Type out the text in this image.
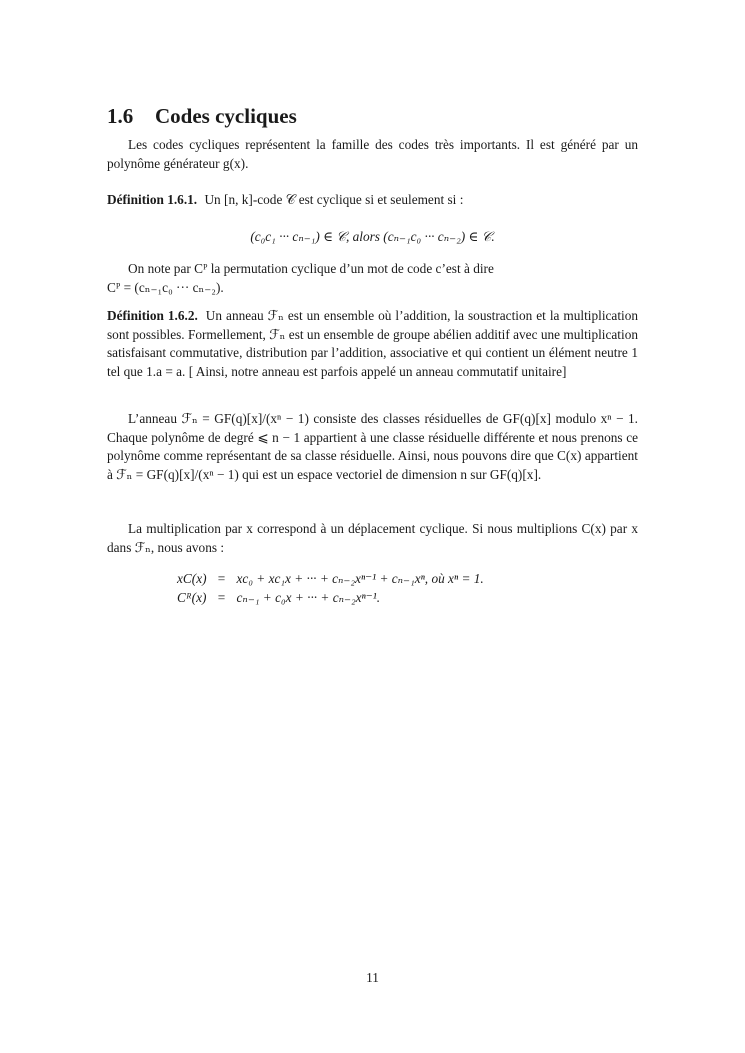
1.6 Codes cycliques

Les codes cycliques représentent la famille des codes très importants. Il est généré par un polynôme générateur g(x).

Définition 1.6.1. Un [n, k]-code 𝒞 est cyclique si et seulement si :

(c₀c₁ ··· cₙ₋₁) ∈ 𝒞, alors (cₙ₋₁c₀ ··· cₙ₋₂) ∈ 𝒞.

On note par Cᴾ la permutation cyclique d’un mot de code c’est à dire

Cᴾ = (cₙ₋₁c₀ ··· cₙ₋₂).

Définition 1.6.2. Un anneau ℱₙ est un ensemble où l’addition, la soustraction et la multiplication sont possibles. Formellement, ℱₙ est un ensemble de groupe abélien additif avec une multiplication satisfaisant commutative, distribution par l’addition, associative et qui contient un élément neutre 1 tel que 1.a = a. [ Ainsi, notre anneau est parfois appelé un anneau commutatif unitaire]

L’anneau ℱₙ = GF(q)[x]/(xⁿ − 1) consiste des classes résiduelles de GF(q)[x] modulo xⁿ − 1. Chaque polynôme de degré ⩽ n − 1 appartient à une classe résiduelle différente et nous prenons ce polynôme comme représentant de sa classe résiduelle. Ainsi, nous pouvons dire que C(x) appartient à ℱₙ = GF(q)[x]/(xⁿ − 1) qui est un espace vectoriel de dimension n sur GF(q)[x].

La multiplication par x correspond à un déplacement cyclique. Si nous multiplions C(x) par x dans ℱₙ, nous avons :

xC(x) = xc₀ + xc₁x + ··· + cₙ₋₂xⁿ⁻¹ + cₙ₋₁xⁿ, où xⁿ = 1.
Cᴿ(x) = cₙ₋₁ + c₀x + ··· + cₙ₋₂xⁿ⁻¹.
11
